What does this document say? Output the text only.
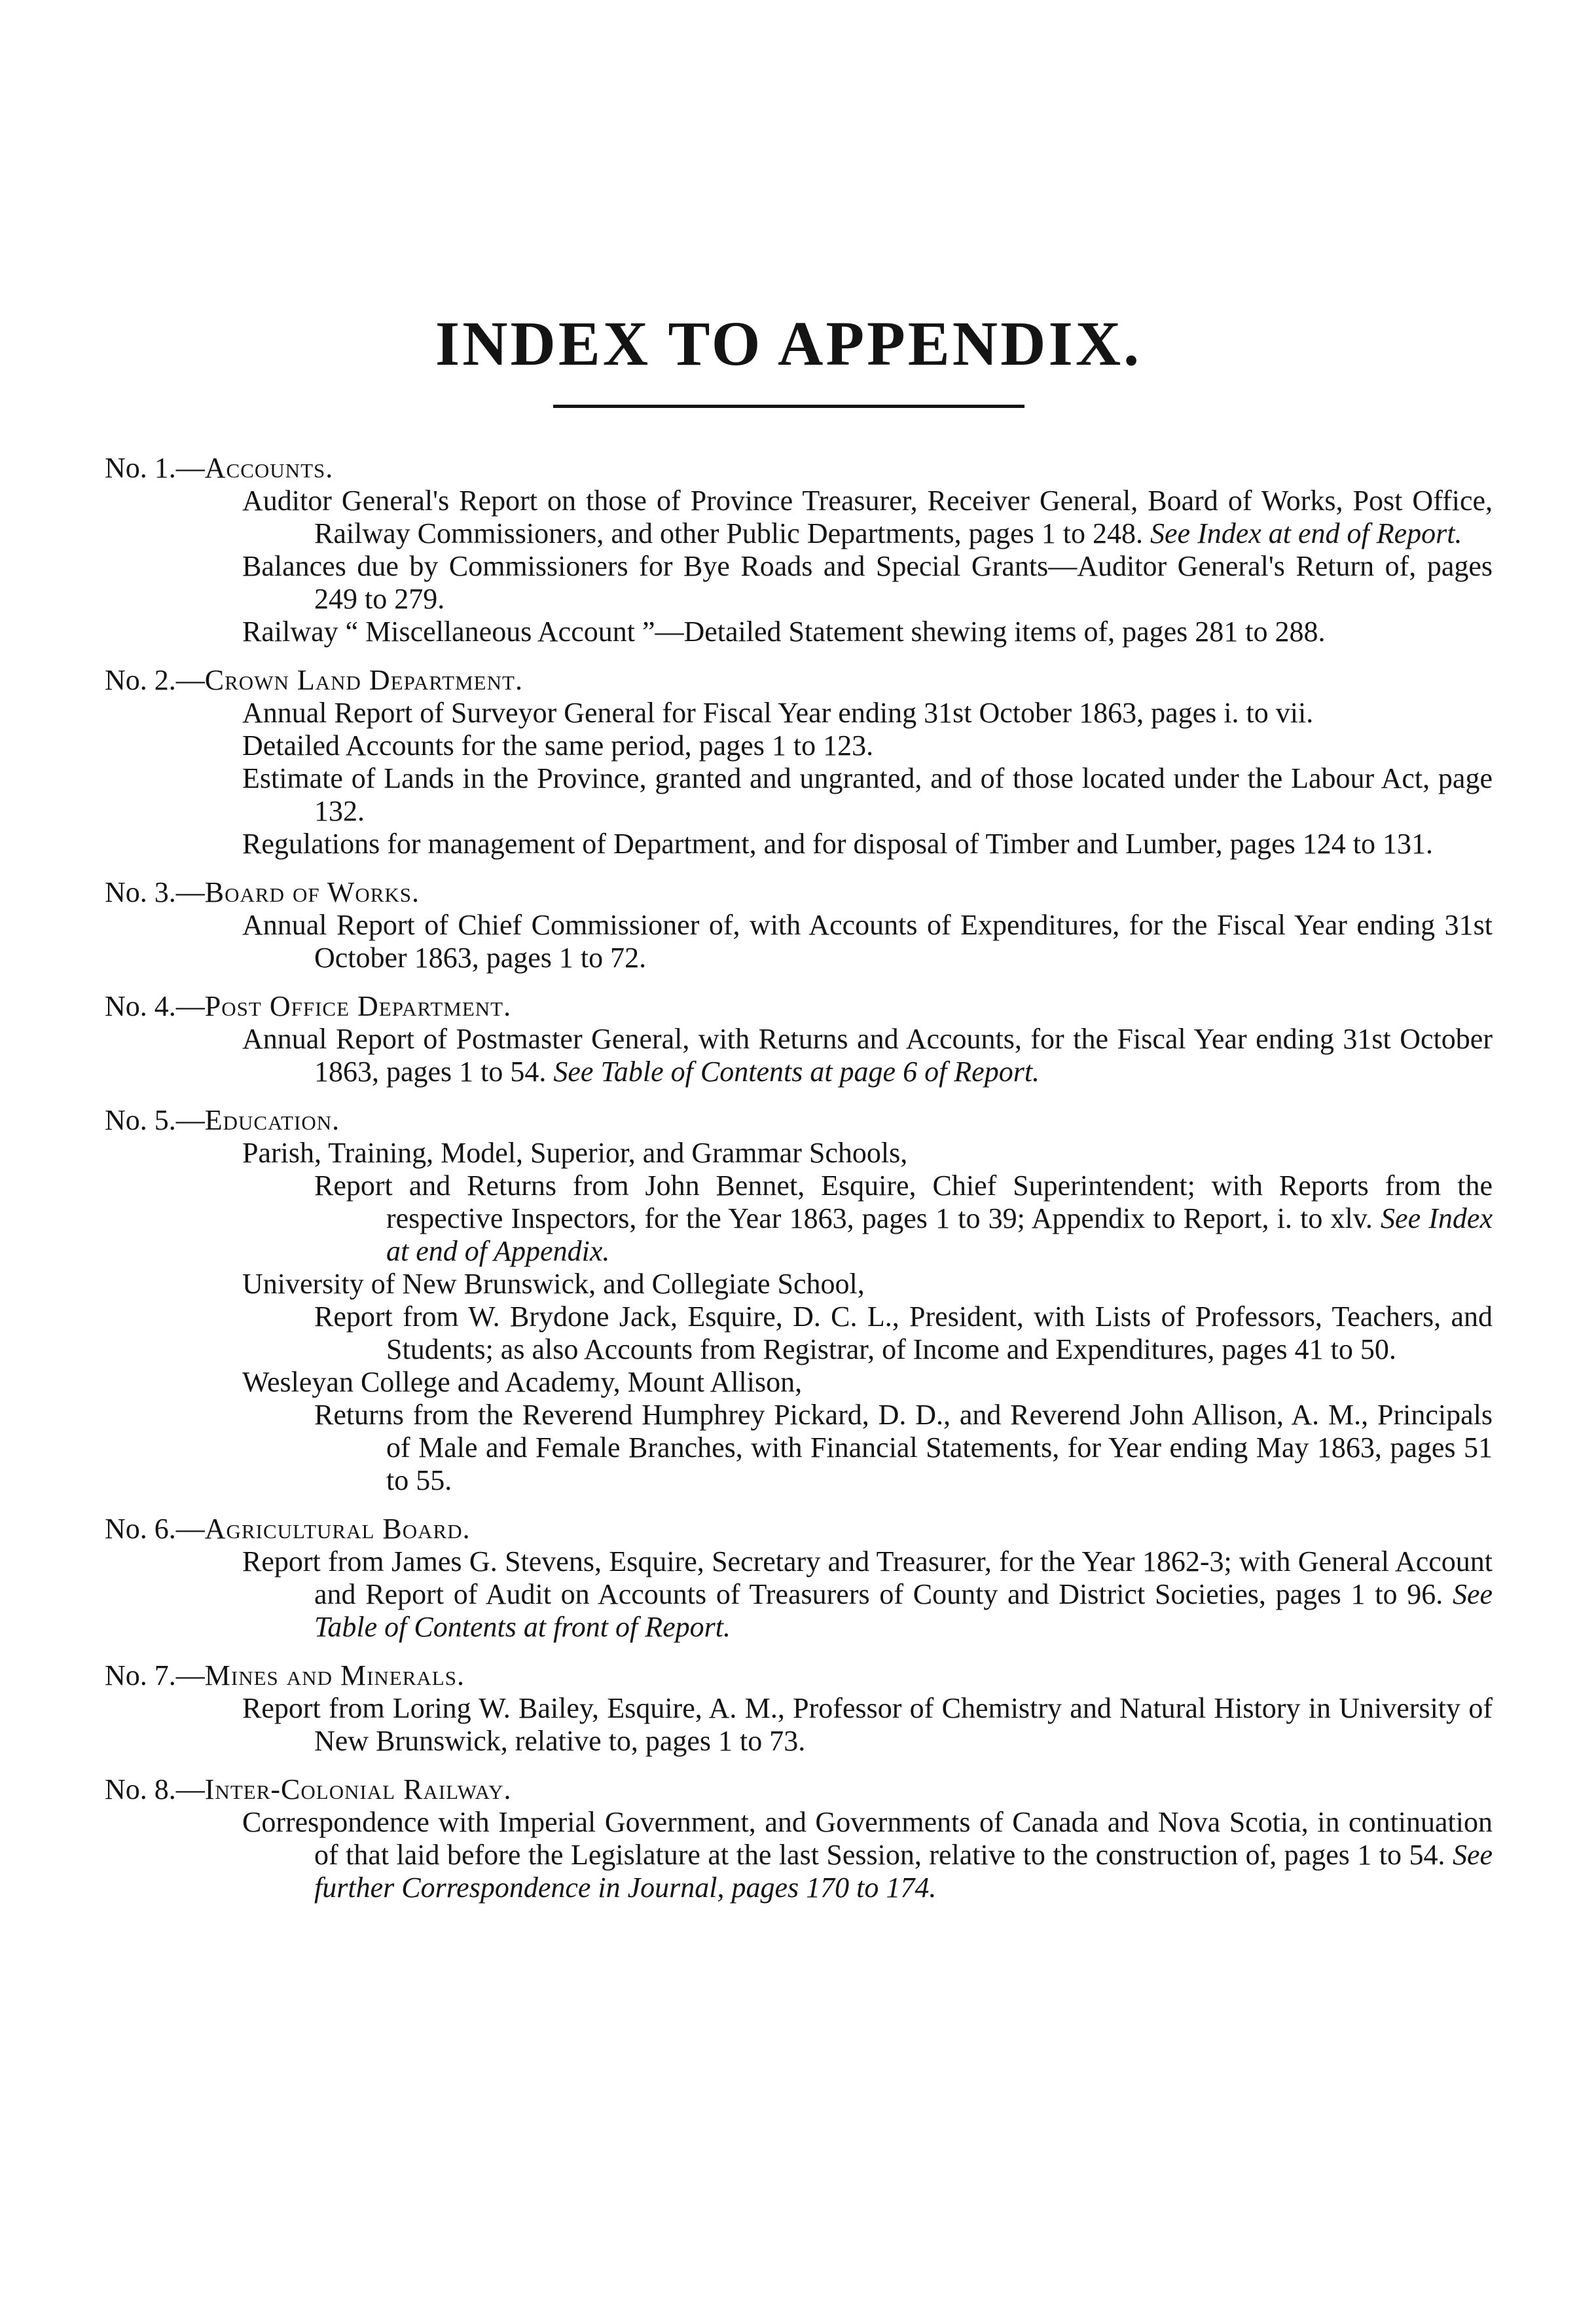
INDEX TO APPENDIX.
No. 1.—Accounts.
Auditor General's Report on those of Province Treasurer, Receiver General, Board of Works, Post Office, Railway Commissioners, and other Public Departments, pages 1 to 248. See Index at end of Report.
Balances due by Commissioners for Bye Roads and Special Grants—Auditor General's Return of, pages 249 to 279.
Railway “ Miscellaneous Account ”—Detailed Statement shewing items of, pages 281 to 288.
No. 2.—Crown Land Department.
Annual Report of Surveyor General for Fiscal Year ending 31st October 1863, pages i. to vii.
Detailed Accounts for the same period, pages 1 to 123.
Estimate of Lands in the Province, granted and ungranted, and of those located under the Labour Act, page 132.
Regulations for management of Department, and for disposal of Timber and Lumber, pages 124 to 131.
No. 3.—Board of Works.
Annual Report of Chief Commissioner of, with Accounts of Expenditures, for the Fiscal Year ending 31st October 1863, pages 1 to 72.
No. 4.—Post Office Department.
Annual Report of Postmaster General, with Returns and Accounts, for the Fiscal Year ending 31st October 1863, pages 1 to 54. See Table of Contents at page 6 of Report.
No. 5.—Education.
Parish, Training, Model, Superior, and Grammar Schools,
Report and Returns from John Bennet, Esquire, Chief Superintendent; with Reports from the respective Inspectors, for the Year 1863, pages 1 to 39; Appendix to Report, i. to xlv. See Index at end of Appendix.
University of New Brunswick, and Collegiate School,
Report from W. Brydone Jack, Esquire, D. C. L., President, with Lists of Professors, Teachers, and Students; as also Accounts from Registrar, of Income and Expenditures, pages 41 to 50.
Wesleyan College and Academy, Mount Allison,
Returns from the Reverend Humphrey Pickard, D. D., and Reverend John Allison, A. M., Principals of Male and Female Branches, with Financial Statements, for Year ending May 1863, pages 51 to 55.
No. 6.—Agricultural Board.
Report from James G. Stevens, Esquire, Secretary and Treasurer, for the Year 1862-3; with General Account and Report of Audit on Accounts of Treasurers of County and District Societies, pages 1 to 96. See Table of Contents at front of Report.
No. 7.—Mines and Minerals.
Report from Loring W. Bailey, Esquire, A. M., Professor of Chemistry and Natural History in University of New Brunswick, relative to, pages 1 to 73.
No. 8.—Inter-Colonial Railway.
Correspondence with Imperial Government, and Governments of Canada and Nova Scotia, in continuation of that laid before the Legislature at the last Session, relative to the construction of, pages 1 to 54. See further Correspondence in Journal, pages 170 to 174.
